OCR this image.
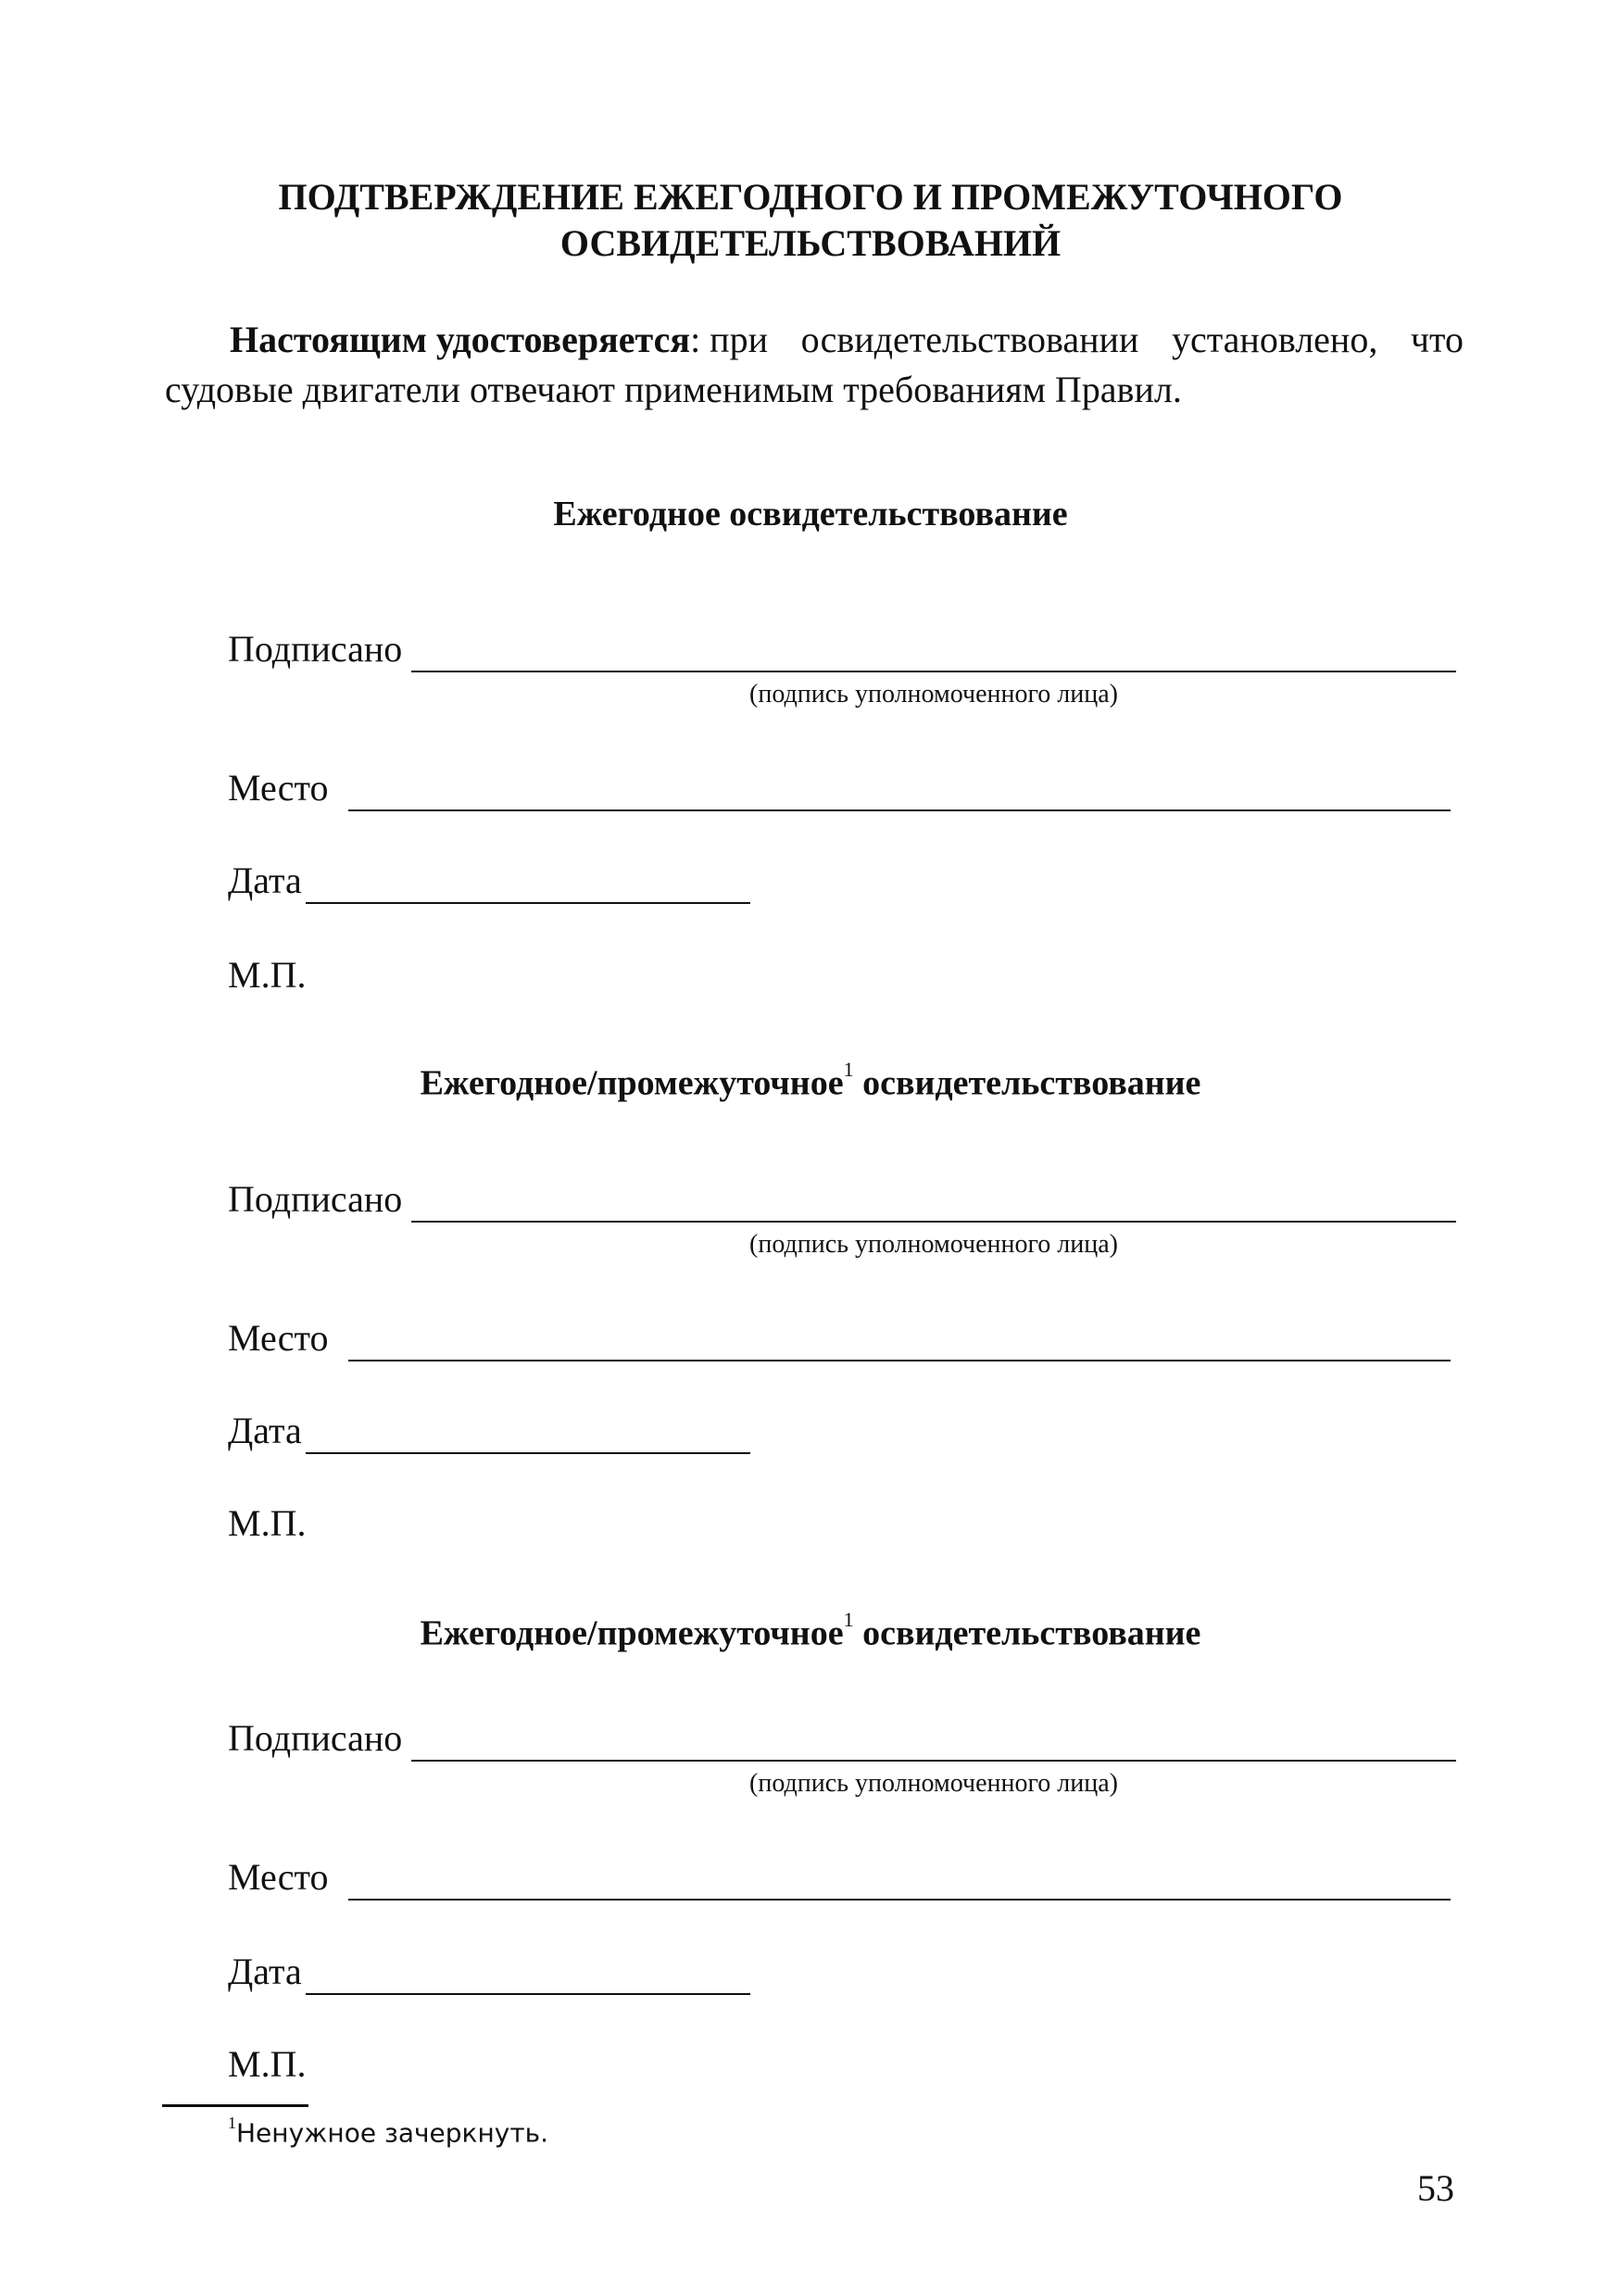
ПОДТВЕРЖДЕНИЕ ЕЖЕГОДНОГО И ПРОМЕЖУТОЧНОГО
ОСВИДЕТЕЛЬСТВОВАНИЙ
Настоящим удостоверяется: при освидетельствовании установлено, что
судовые двигатели отвечают применимым требованиям Правил.
Ежегодное освидетельствование
Подписано
(подпись уполномоченного лица)
Место
Дата
М.П.
Ежегодное/промежуточное$^1$ освидетельствование
Подписано
(подпись уполномоченного лица)
Место
Дата
М.П.
Ежегодное/промежуточное$^1$ освидетельствование
Подписано
(подпись уполномоченного лица)
Место
Дата
М.П.
$^1$Ненужное зачеркнуть.
53
